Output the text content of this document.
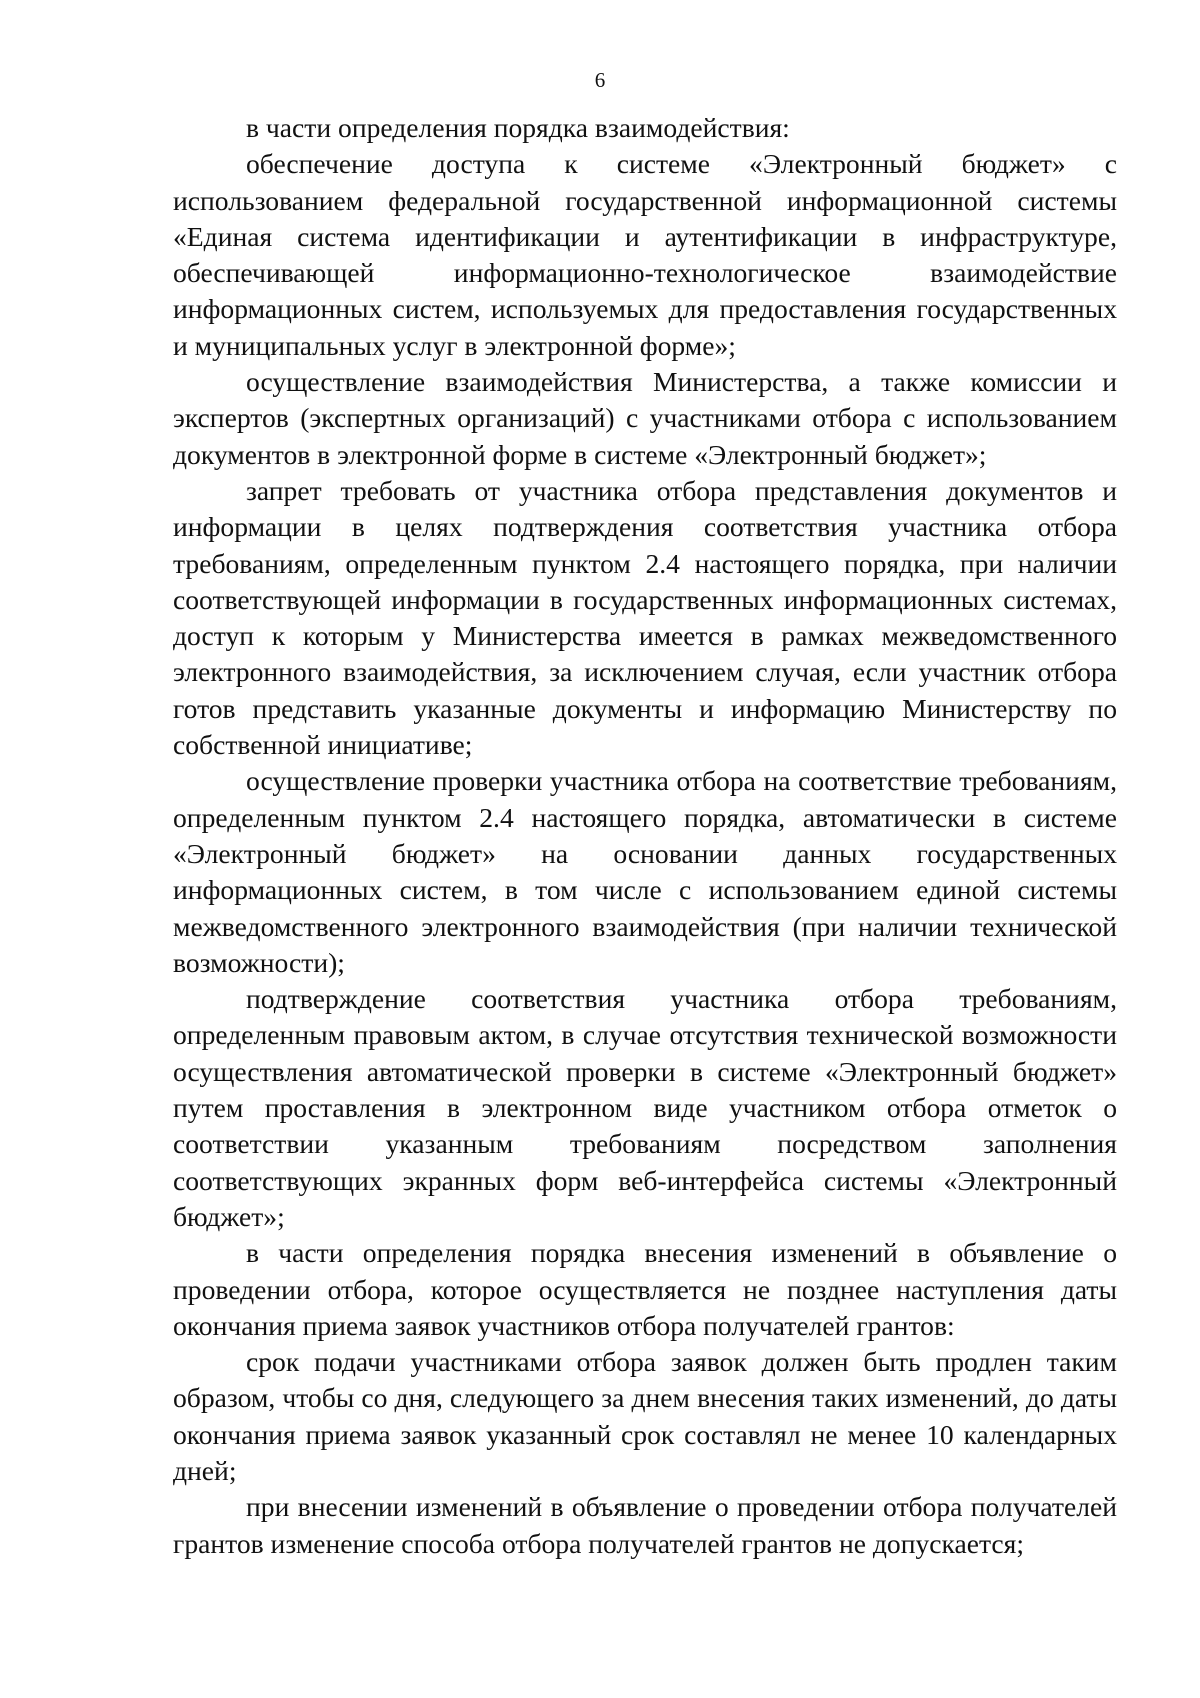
6

в части определения порядка взаимодействия:

обеспечение доступа к системе «Электронный бюджет» с использованием федеральной государственной информационной системы «Единая система идентификации и аутентификации в инфраструктуре, обеспечивающей информационно-технологическое взаимодействие информационных систем, используемых для предоставления государственных и муниципальных услуг в электронной форме»;

осуществление взаимодействия Министерства, а также комиссии и экспертов (экспертных организаций) с участниками отбора с использованием документов в электронной форме в системе «Электронный бюджет»;

запрет требовать от участника отбора представления документов и информации в целях подтверждения соответствия участника отбора требованиям, определенным пунктом 2.4 настоящего порядка, при наличии соответствующей информации в государственных информационных системах, доступ к которым у Министерства имеется в рамках межведомственного электронного взаимодействия, за исключением случая, если участник отбора готов представить указанные документы и информацию Министерству по собственной инициативе;

осуществление проверки участника отбора на соответствие требованиям, определенным пунктом 2.4 настоящего порядка, автоматически в системе «Электронный бюджет» на основании данных государственных информационных систем, в том числе с использованием единой системы межведомственного электронного взаимодействия (при наличии технической возможности);

подтверждение соответствия участника отбора требованиям, определенным правовым актом, в случае отсутствия технической возможности осуществления автоматической проверки в системе «Электронный бюджет» путем проставления в электронном виде участником отбора отметок о соответствии указанным требованиям посредством заполнения соответствующих экранных форм веб-интерфейса системы «Электронный бюджет»;

в части определения порядка внесения изменений в объявление о проведении отбора, которое осуществляется не позднее наступления даты окончания приема заявок участников отбора получателей грантов:

срок подачи участниками отбора заявок должен быть продлен таким образом, чтобы со дня, следующего за днем внесения таких изменений, до даты окончания приема заявок указанный срок составлял не менее 10 календарных дней;

при внесении изменений в объявление о проведении отбора получателей грантов изменение способа отбора получателей грантов не допускается;
